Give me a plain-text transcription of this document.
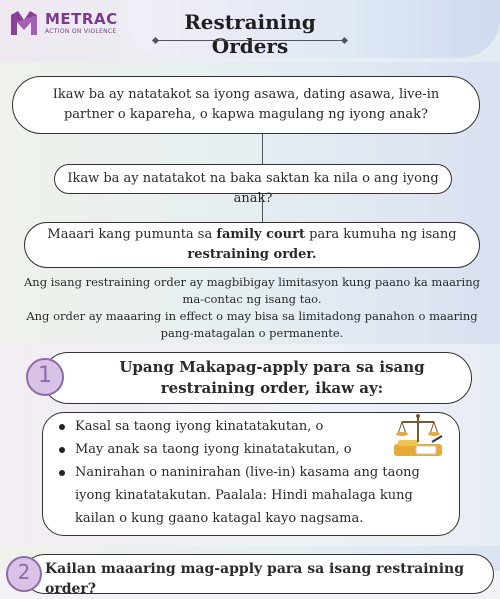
METRAC
ACTION ON VIOLENCE	Restraining Orders
Ikaw ba ay natatakot sa iyong asawa, dating asawa, live-in partner o kapareha, o kapwa magulang ng iyong anak?
Ikaw ba ay natatakot na baka saktan ka nila o ang iyong anak?
Maaari kang pumunta sa family court para kumuha ng isang restraining order.
Ang isang restraining order ay magbibigay limitasyon kung paano ka maaring ma-contac ng isang tao.
Ang order ay maaaring in effect o may bisa sa limitadong panahon o maaring pang-matagalan o permanente.
Upang Makapag-apply para sa isang restraining order, ikaw ay:
1
Kasal sa taong iyong kinatatakutan, o
May anak sa taong iyong kinatatakutan, o
Nanirahan o naninirahan (live-in) kasama ang taong iyong kinatatakutan. Paalala: Hindi mahalaga kung kailan o kung gaano katagal kayo nagsama.
Kailan maaaring mag-apply para sa isang restraining order?
2
